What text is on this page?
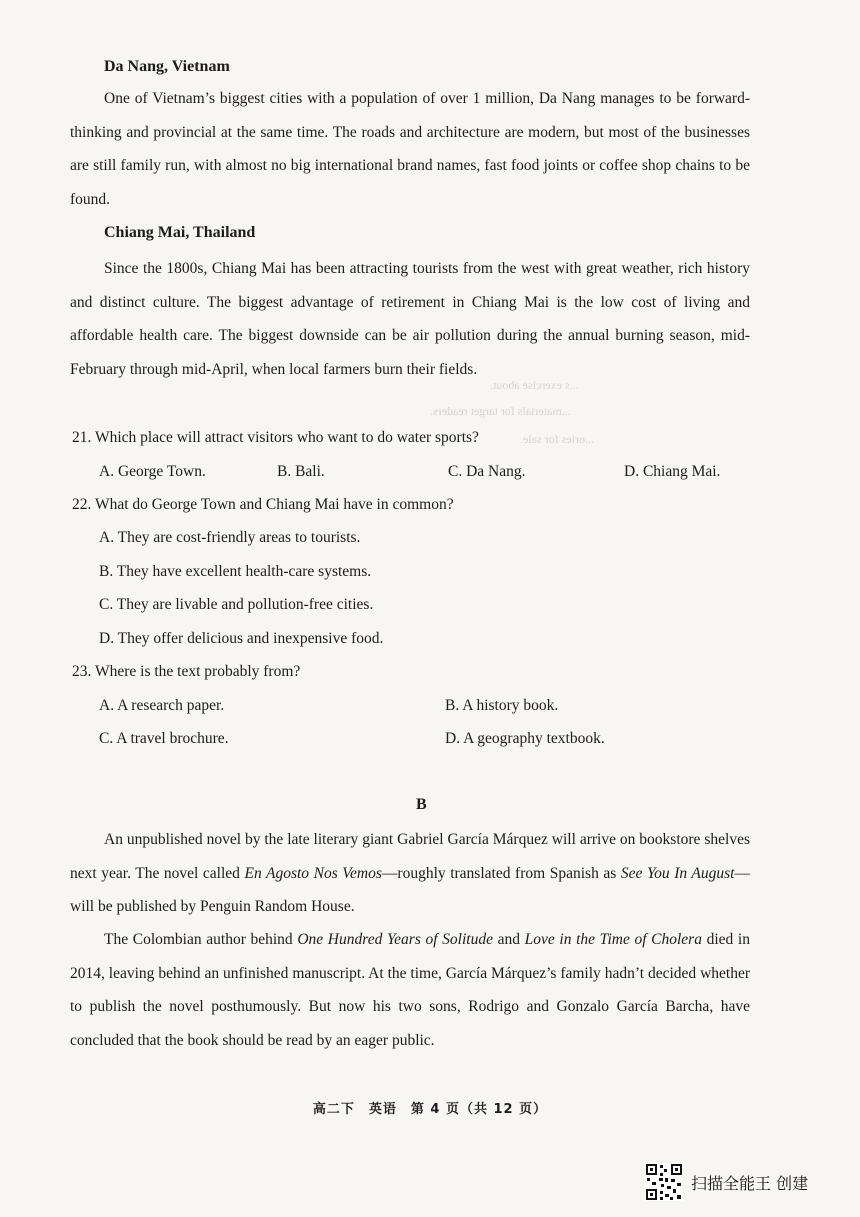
Da Nang, Vietnam
One of Vietnam’s biggest cities with a population of over 1 million, Da Nang manages to be forward-thinking and provincial at the same time. The roads and architecture are modern, but most of the businesses are still family run, with almost no big international brand names, fast food joints or coffee shop chains to be found.
Chiang Mai, Thailand
Since the 1800s, Chiang Mai has been attracting tourists from the west with great weather, rich history and distinct culture. The biggest advantage of retirement in Chiang Mai is the low cost of living and affordable health care. The biggest downside can be air pollution during the annual burning season, mid-February through mid-April, when local farmers burn their fields.
...s exercise about.
...materials for target readers.
...ories for sale.
21. Which place will attract visitors who want to do water sports?
A. George Town.	B. Bali.	C. Da Nang.	D. Chiang Mai.
22. What do George Town and Chiang Mai have in common?
A. They are cost-friendly areas to tourists.
B. They have excellent health-care systems.
C. They are livable and pollution-free cities.
D. They offer delicious and inexpensive food.
23. Where is the text probably from?
A. A research paper.	B. A history book.
C. A travel brochure.	D. A geography textbook.
B
An unpublished novel by the late literary giant Gabriel García Márquez will arrive on bookstore shelves next year. The novel called En Agosto Nos Vemos—roughly translated from Spanish as See You In August—will be published by Penguin Random House.
The Colombian author behind One Hundred Years of Solitude and Love in the Time of Cholera died in 2014, leaving behind an unfinished manuscript. At the time, García Márquez’s family hadn’t decided whether to publish the novel posthumously. But now his two sons, Rodrigo and Gonzalo García Barcha, have concluded that the book should be read by an eager public.
高二下　英语　第 4 页（共 12 页）
扫描全能王 创建
